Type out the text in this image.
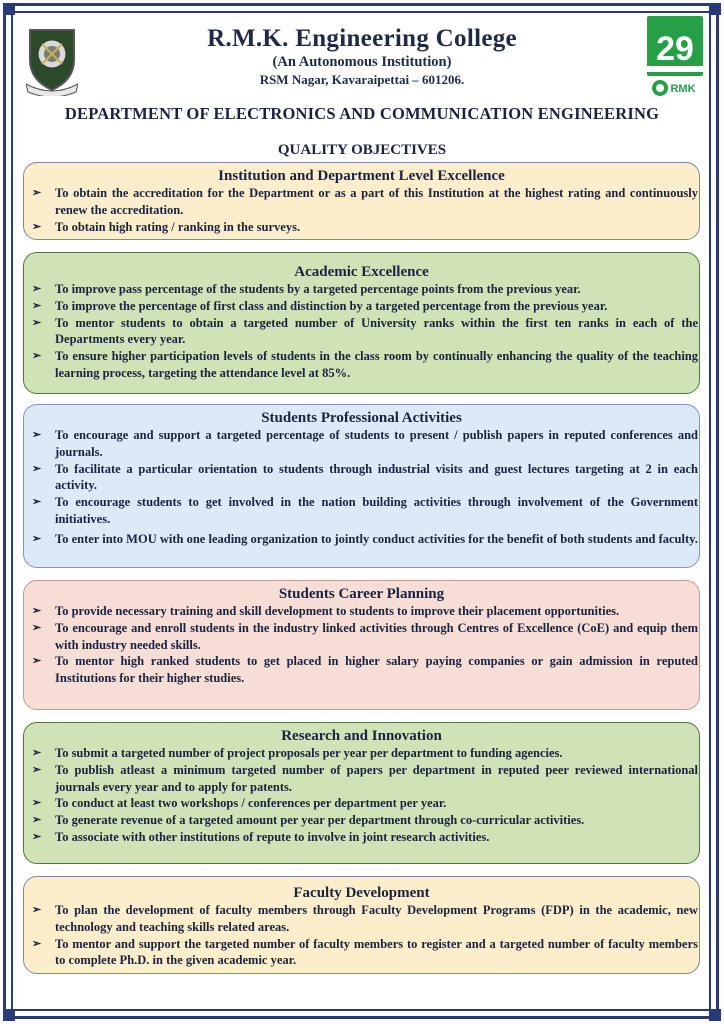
R.M.K. Engineering College
(An Autonomous Institution)
RSM Nagar, Kavaraipettai – 601206.
29
RMK
DEPARTMENT OF ELECTRONICS AND COMMUNICATION ENGINEERING
QUALITY OBJECTIVES
Institution and Department Level Excellence
➢ To obtain the accreditation for the Department or as a part of this Institution at the highest rating and continuously renew the accreditation.
➢ To obtain high rating / ranking in the surveys.
Academic Excellence
➢ To improve pass percentage of the students by a targeted percentage points from the previous year.
➢ To improve the percentage of first class and distinction by a targeted percentage from the previous year.
➢ To mentor students to obtain a targeted number of University ranks within the first ten ranks in each of the Departments every year.
➢ To ensure higher participation levels of students in the class room by continually enhancing the quality of the teaching learning process, targeting the attendance level at 85%.
Students Professional Activities
➢ To encourage and support a targeted percentage of students to present / publish papers in reputed conferences and journals.
➢ To facilitate a particular orientation to students through industrial visits and guest lectures targeting at 2 in each activity.
➢ To encourage students to get involved in the nation building activities through involvement of the Government initiatives.
➢ To enter into MOU with one leading organization to jointly conduct activities for the benefit of both students and faculty.
Students Career Planning
➢ To provide necessary training and skill development to students to improve their placement opportunities.
➢ To encourage and enroll students in the industry linked activities through Centres of Excellence (CoE) and equip them with industry needed skills.
➢ To mentor high ranked students to get placed in higher salary paying companies or gain admission in reputed Institutions for their higher studies.
Research and Innovation
➢ To submit a targeted number of project proposals per year per department to funding agencies.
➢ To publish atleast a minimum targeted number of papers per department in reputed peer reviewed international journals every year and to apply for patents.
➢ To conduct at least two workshops / conferences per department per year.
➢ To generate revenue of a targeted amount per year per department through co-curricular activities.
➢ To associate with other institutions of repute to involve in joint research activities.
Faculty Development
➢ To plan the development of faculty members through Faculty Development Programs (FDP) in the academic, new technology and teaching skills related areas.
➢ To mentor and support the targeted number of faculty members to register and a targeted number of faculty members to complete Ph.D. in the given academic year.
